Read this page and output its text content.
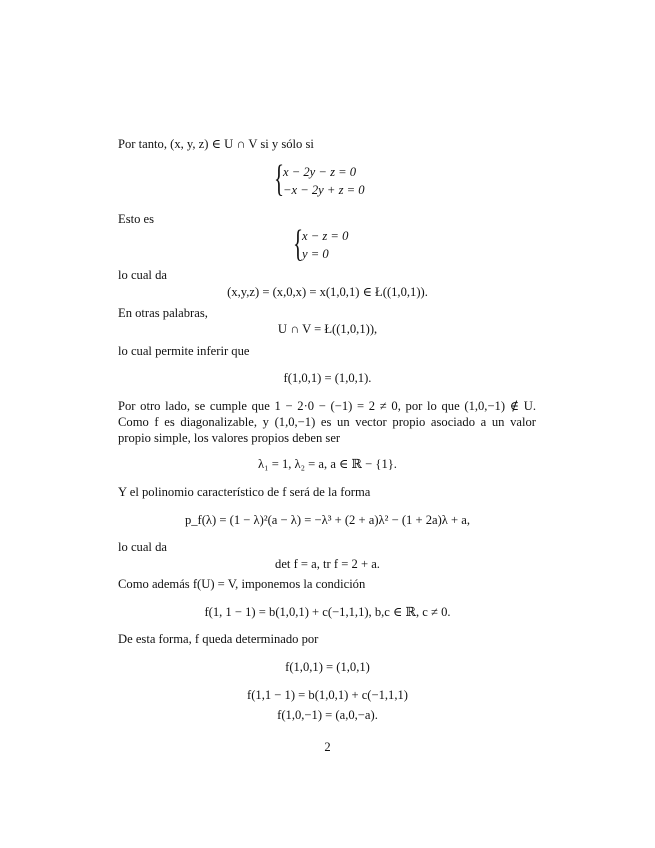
Por tanto, (x, y, z) ∈ U ∩ V si y sólo si
{
x − 2y − z = 0
−x − 2y + z = 0
Esto es
{
x − z = 0
y = 0
lo cual da
(x,y,z) = (x,0,x) = x(1,0,1) ∈ Ł((1,0,1)).
En otras palabras,
U ∩ V = Ł((1,0,1)),
lo cual permite inferir que
f(1,0,1) = (1,0,1).
Por otro lado, se cumple que 1 − 2·0 − (−1) = 2 ≠ 0, por lo que (1,0,−1) ∉ U. Como f es diagonalizable, y (1,0,−1) es un vector propio asociado a un valor propio simple, los valores propios deben ser
λ₁ = 1, λ₂ = a, a ∈ ℝ − {1}.
Y el polinomio característico de f será de la forma
p_f(λ) = (1 − λ)²(a − λ) = −λ³ + (2 + a)λ² − (1 + 2a)λ + a,
lo cual da
det f = a, tr f = 2 + a.
Como además f(U) = V, imponemos la condición
f(1, 1 − 1) = b(1,0,1) + c(−1,1,1), b,c ∈ ℝ, c ≠ 0.
De esta forma, f queda determinado por
f(1,0,1) = (1,0,1)
f(1,1 − 1) = b(1,0,1) + c(−1,1,1)
f(1,0,−1) = (a,0,−a).
2
